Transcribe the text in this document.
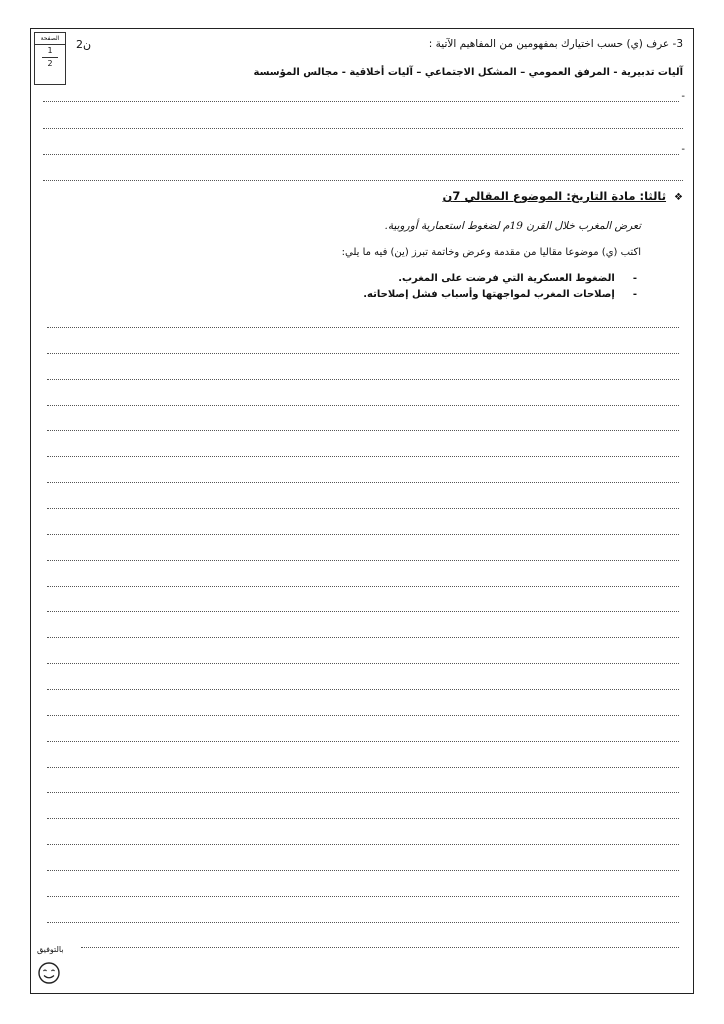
الصفحة
1
2
2ن	3- عرف (ي) حسب اختيارك بمفهومين من المفاهيم الآتية :
آليات تدبيرية - المرفق العمومي – المشكل الاجتماعي – آليات أخلاقية - مجالس المؤسسة
-
-
❖ثالثا: مادة التاريخ: الموضوع المقالي 7ن
تعرض المغرب خلال القرن 19م لضغوط استعمارية أوروبية.
اكتب (ي) موضوعا مقاليا من مقدمة وعرض وخاتمة تبرز (ين) فيه ما يلي:
-الضغوط العسكرية التي فرضت على المغرب.
-إصلاحات المغرب لمواجهتها وأسباب فشل إصلاحاته.
بالتوفيق
